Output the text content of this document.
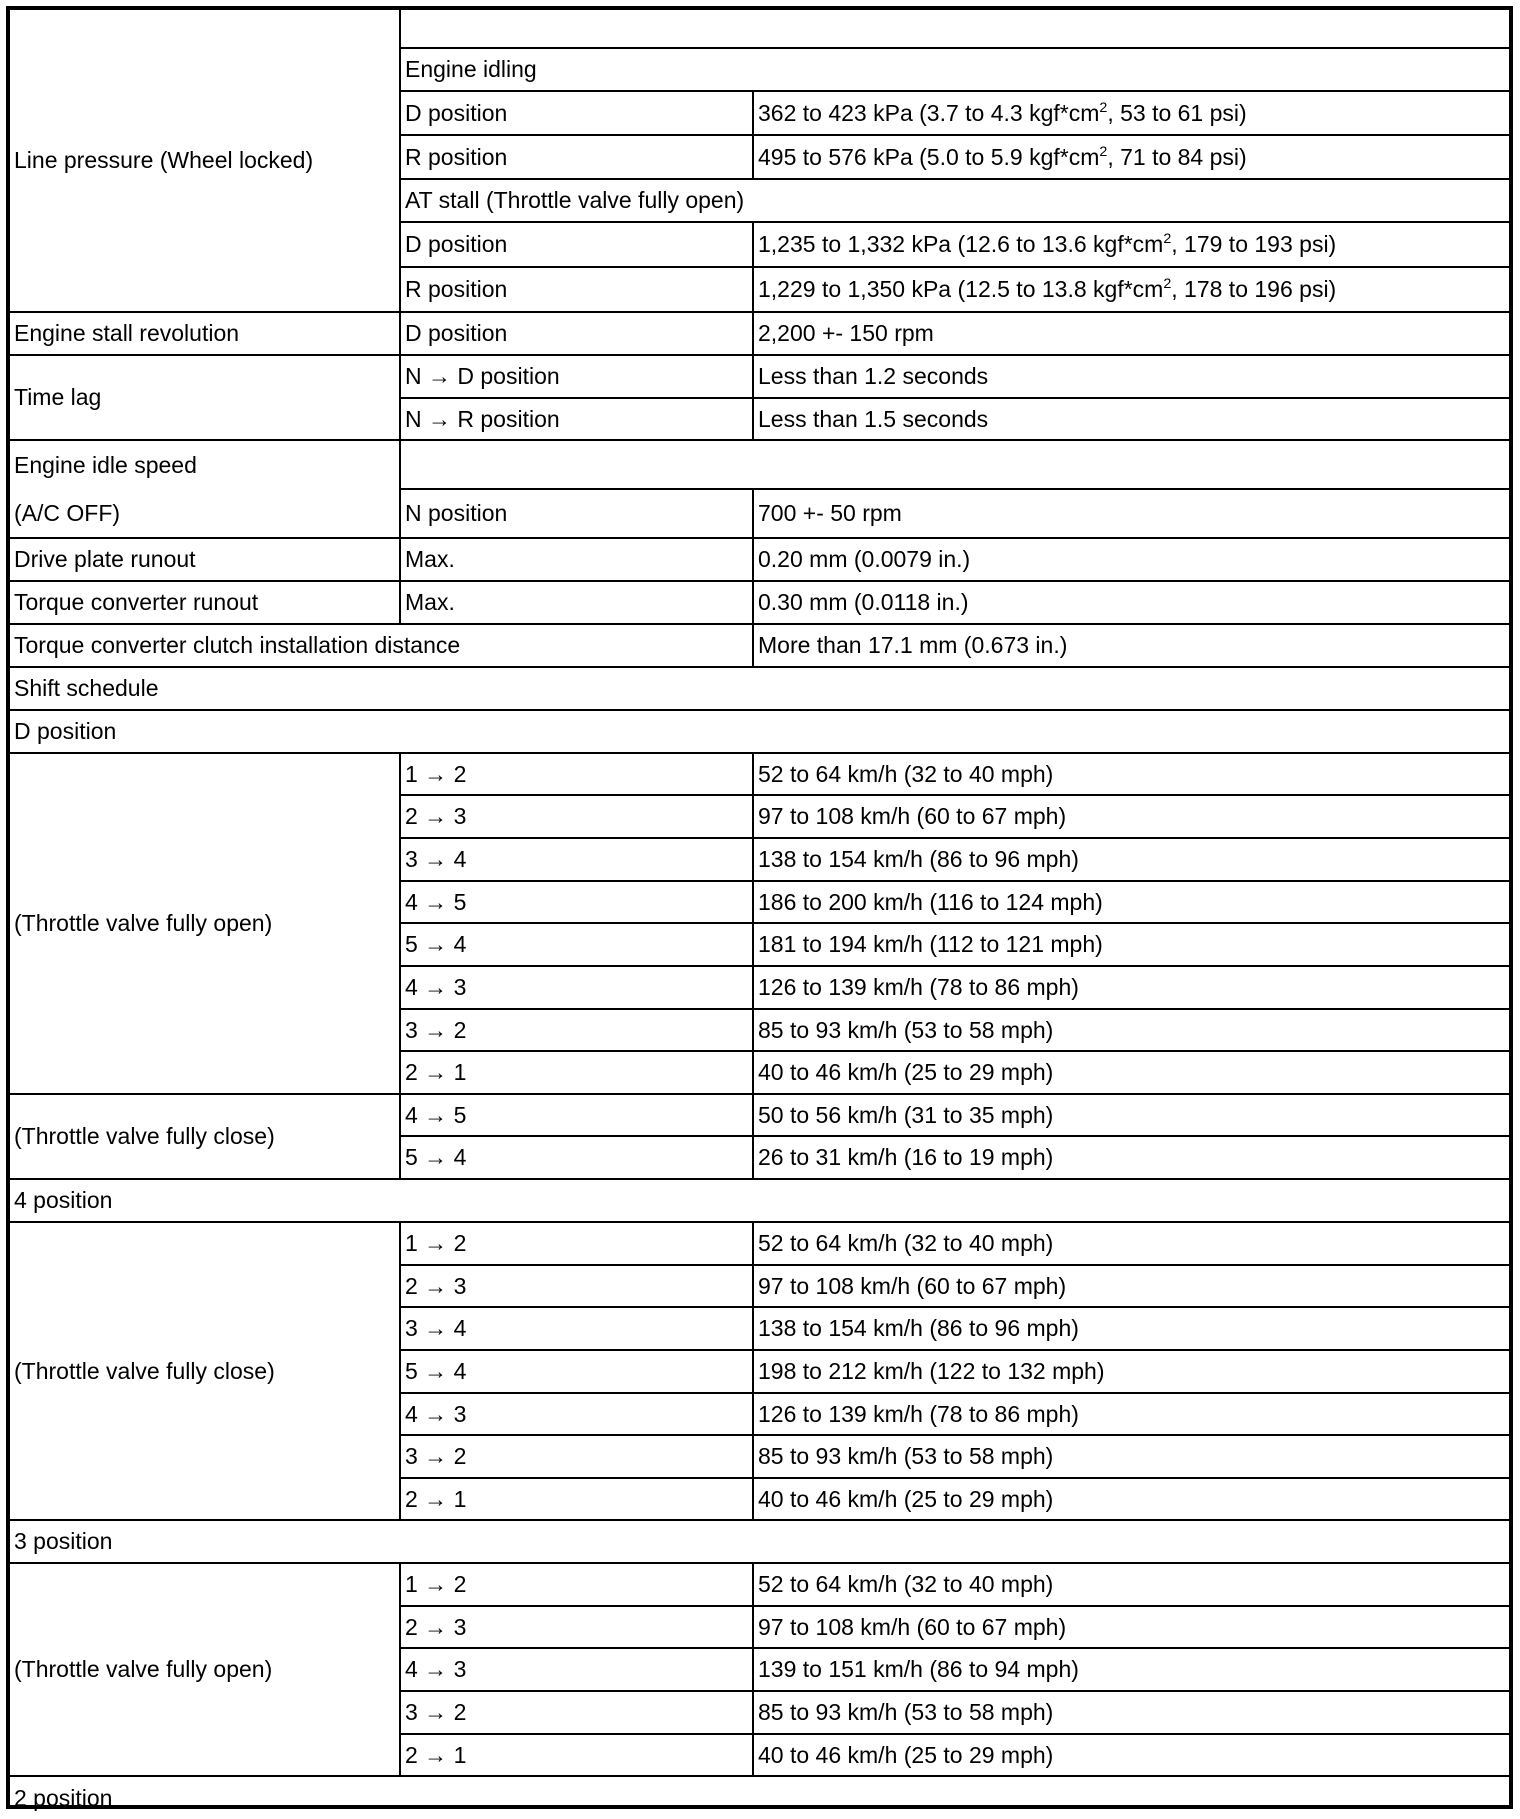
Line pressure (Wheel locked)		
	Engine idling	
	D position	362 to 423 kPa (3.7 to 4.3 $kgf*cm^2$, 53 to 61 psi)
	R position	495 to 576 kPa (5.0 to 5.9 $kgf*cm^2$, 71 to 84 psi)
	AT stall (Throttle valve fully open)	
	D position	1,235 to 1,332 kPa (12.6 to 13.6 $kgf*cm^2$, 179 to 193 psi)
	R position	1,229 to 1,350 kPa (12.5 to 13.8 $kgf*cm^2$, 178 to 196 psi)
Engine stall revolution	D position	2,200 +- 150 rpm
Time lag	N → D position	Less than 1.2 seconds
	N → R position	Less than 1.5 seconds
Engine idle speed		
(A/C OFF)	N position	700 +- 50 rpm
Drive plate runout	Max.	0.20 mm (0.0079 in.)
Torque converter runout	Max.	0.30 mm (0.0118 in.)
Torque converter clutch installation distance		More than 17.1 mm (0.673 in.)
Shift schedule		
D position		
(Throttle valve fully open)	1 → 2	52 to 64 km/h (32 to 40 mph)
	2 → 3	97 to 108 km/h (60 to 67 mph)
	3 → 4	138 to 154 km/h (86 to 96 mph)
	4 → 5	186 to 200 km/h (116 to 124 mph)
	5 → 4	181 to 194 km/h (112 to 121 mph)
	4 → 3	126 to 139 km/h (78 to 86 mph)
	3 → 2	85 to 93 km/h (53 to 58 mph)
	2 → 1	40 to 46 km/h (25 to 29 mph)
(Throttle valve fully close)	4 → 5	50 to 56 km/h (31 to 35 mph)
	5 → 4	26 to 31 km/h (16 to 19 mph)
4 position		
(Throttle valve fully close)	1 → 2	52 to 64 km/h (32 to 40 mph)
	2 → 3	97 to 108 km/h (60 to 67 mph)
	3 → 4	138 to 154 km/h (86 to 96 mph)
	5 → 4	198 to 212 km/h (122 to 132 mph)
	4 → 3	126 to 139 km/h (78 to 86 mph)
	3 → 2	85 to 93 km/h (53 to 58 mph)
	2 → 1	40 to 46 km/h (25 to 29 mph)
3 position		
(Throttle valve fully open)	1 → 2	52 to 64 km/h (32 to 40 mph)
	2 → 3	97 to 108 km/h (60 to 67 mph)
	4 → 3	139 to 151 km/h (86 to 94 mph)
	3 → 2	85 to 93 km/h (53 to 58 mph)
	2 → 1	40 to 46 km/h (25 to 29 mph)
2 position		
